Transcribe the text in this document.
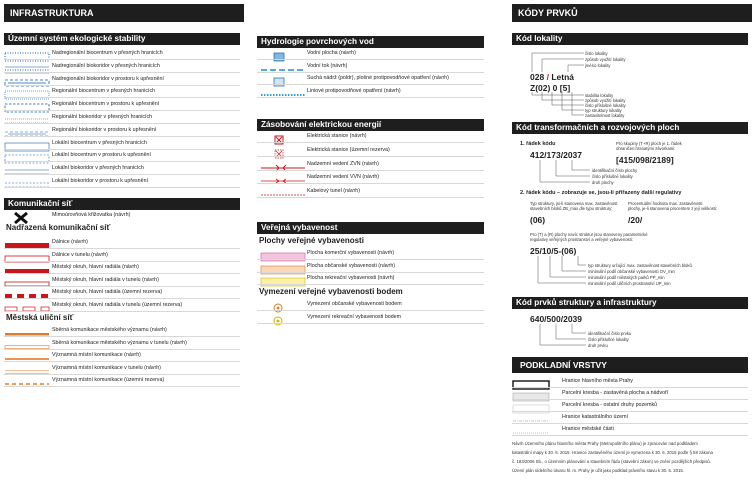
INFRASTRUKTURA
Územní systém ekologické stability
Nadregionální biocentrum v přesných hranicích
Nadregionální biokoridor v přesných hranicích
Nadregionální biokoridor v prostoru k upřesnění
Regionální biocentrum v přesných hranicích
Regionální biocentrum v prostoru k upřesnění
Regionální biokoridor v přesných hranicích
Regionální biokoridor v prostoru k upřesnění
Lokální biocentrum v přesných hranicích
Lokální biocentrum v prostoru k upřesnění
Lokální biokoridor v přesných hranicích
Lokální biokoridor v prostoru k upřesnění
Komunikační síť
Mimoúrovňová křižovatka (návrh)
Nadřazená komunikační síť
Dálnice (návrh)
Dálnice v tunelu (návrh)
Městský okruh, hlavní radiála (návrh)
Městský okruh, hlavní radiála v tunelu (návrh)
Městský okruh, hlavní radiála (územní rezerva)
Městský okruh, hlavní radiála v tunelu (územní rezerva)
Městská uliční síť
Sběrná komunikace městského významu (návrh)
Sběrná komunikace městského významu v tunelu (návrh)
Významná místní komunikace (návrh)
Významná místní komunikace v tunelu (návrh)
Významná místní komunikace (územní rezerva)
Hydrologie povrchových vod
Vodní plocha (návrh)
Vodní tok (návrh)
Suchá nádrž (poldr), plošné protipovodňové opatření (návrh)
Liniové protipovodňové opatření (návrh)
Zásobování elektrickou energií
Elektrická stanice (návrh)
Elektrická stanice (územní rezerva)
Nadzemní vedení ZVN (návrh)
Nadzemní vedení VVN (návrh)
Kabelový tunel (návrh)
Veřejná vybavenost
Plochy veřejné vybavenosti
Plocha komerční vybavenosti (návrh)
Plocha občanské vybavenosti (návrh)
Plocha rekreační vybavenosti (návrh)
Vymezení veřejné vybavenosti bodem
Vymezení občanské vybavenosti bodem
Vymezení rekreační vybavenosti bodem
KÓDY PRVKŮ
Kód lokality
číslo lokality
způsob využití lokality
jméno lokality
028 / Letná
Z(02) 0 [5]
stabilita lokality
způsob využití lokality
číslo příslušné lokality
typ struktury lokality
zastavitelnost lokality
Kód transformačních a rozvojových ploch
1. řádek kódu
412/173/2037
identifikační číslo plochy
číslo příslušné lokality
druh plochy
Pro skupiny (T+R) ploch je 1. řádek
ohraničen hranatými závorkami:
[415/098/2189]
2. řádek kódu – zobrazuje se, jsou-li přiřazeny další regulativy
Typ struktury, jsi-li stanovena max. zastavěnost
stavebních bloků ZB_max dle typu struktury:
Procentuální hodnota max. zastavěnosti
plochy, je-li stanovena procentem z její velikosti:
(06)	/20/
Pro (T) a (R) plochy navíc struktur jsou stanoveny parametrické
regulativy veřejných prostranství a veřejné vybavenosti:
25/10/5-(06)
typ struktury určující max. zastavěnost stavebních bloků
minimální podíl občanské vybavenosti OV_min
minimální podíl městských parků PP_min
minimální podíl uličních prostranství UP_min
Kód prvků struktury a infrastruktury
640/500/2039
identifikační číslo prvku
číslo příslušné lokality
druh prvku
PODKLADNÍ VRSTVY
Hranice hlavního města Prahy
Parcelní kresba - zastavěná plocha a nádvoří
Parcelní kresba - ostatní druhy pozemků
Hranice katastrálního území
Hranice městské části
Návrh Územního plánu hlavního města Prahy (Metropolitního plánu) je zpracován nad podkladem
katastrální mapy k 30. 6. 2015. Hranice zastavěného území je vymezena k 30. 6. 2015 podle § 58 zákona
č. 183/2006 Sb., o územním plánování a stavebním řádu (stavební zákon) ve znění pozdějších předpisů.
Území plán sídelního útvaru hl. m. Prahy je užit jako podklad právního stavu k 30. 6. 2015.
